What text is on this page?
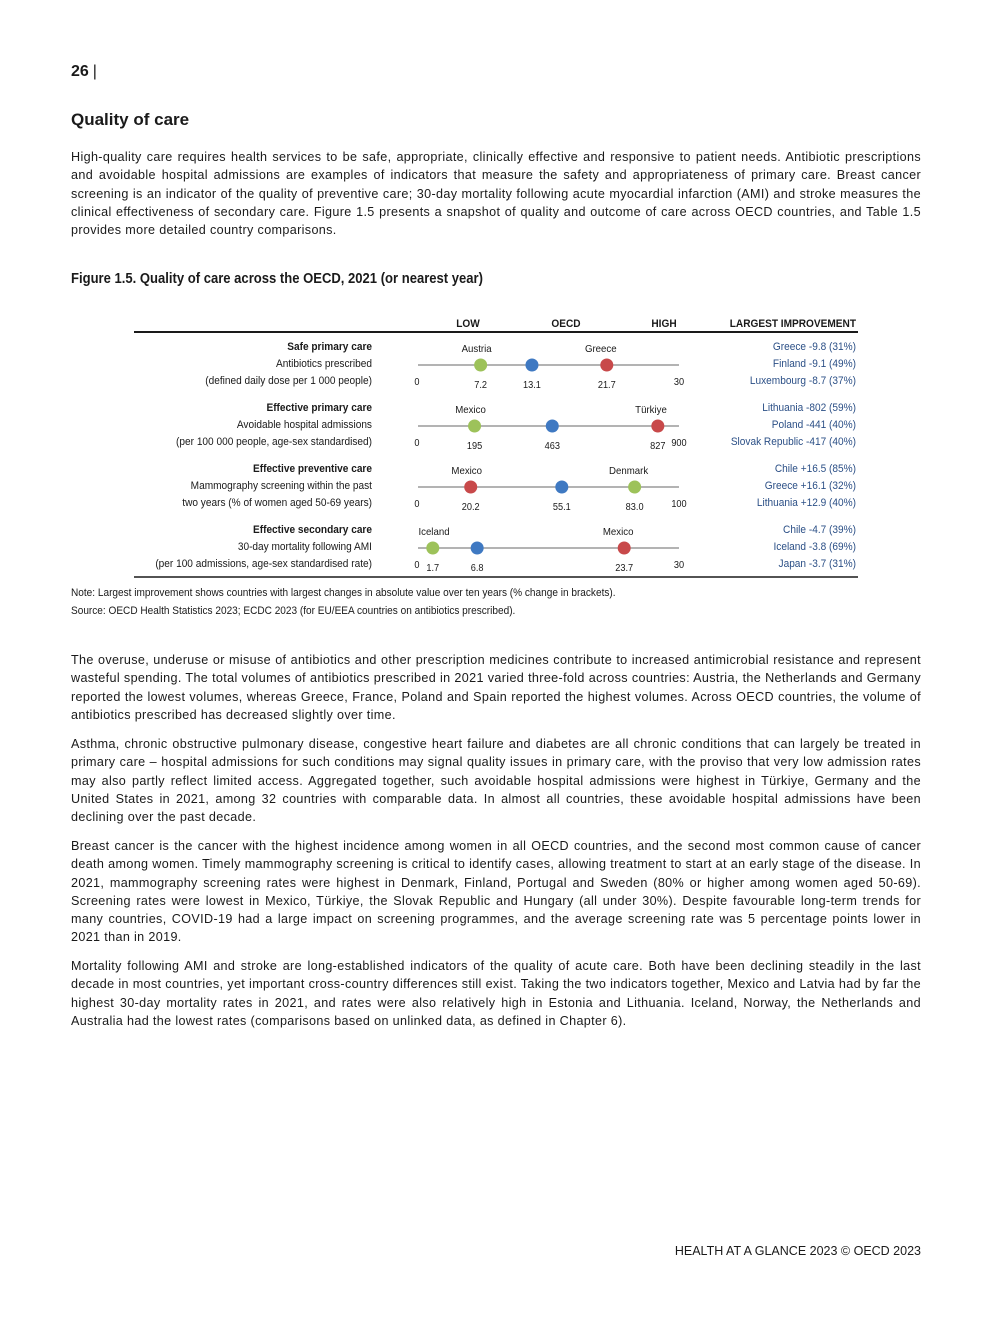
26 |
Quality of care

High-quality care requires health services to be safe, appropriate, clinically effective and responsive to patient needs. Antibiotic prescriptions and avoidable hospital admissions are examples of indicators that measure the safety and appropriateness of primary care. Breast cancer screening is an indicator of the quality of preventive care; 30-day mortality following acute myocardial infarction (AMI) and stroke measures the clinical effectiveness of secondary care. Figure 1.5 presents a snapshot of quality and outcome of care across OECD countries, and Table 1.5 provides more detailed country comparisons.

Figure 1.5. Quality of care across the OECD, 2021 (or nearest year)
LOW	OECD	HIGH	LARGEST IMPROVEMENT
Safe primary care
Antibiotics prescribed
(defined daily dose per 1 000 people)	0	30
Austria	Greece
7.2	13.1	21.7
Greece -9.8 (31%)
Finland -9.1 (49%)
Luxembourg -8.7 (37%)
Effective primary care
Avoidable hospital admissions
(per 100 000 people, age-sex standardised)	0	900
Mexico	Türkiye
195	463	827
Lithuania -802 (59%)
Poland -441 (40%)
Slovak Republic -417 (40%)
Effective preventive care
Mammography screening within the past
two years (% of women aged 50-69 years)	0	100
Mexico	Denmark
20.2	55.1	83.0
Chile +16.5 (85%)
Greece +16.1 (32%)
Lithuania +12.9 (40%)
Effective secondary care
30-day mortality following AMI
(per 100 admissions, age-sex standardised rate)	0	30
Iceland	Mexico
1.7	6.8	23.7
Chile -4.7 (39%)
Iceland -3.8 (69%)
Japan -3.7 (31%)
Note: Largest improvement shows countries with largest changes in absolute value over ten years (% change in brackets).
Source: OECD Health Statistics 2023; ECDC 2023 (for EU/EEA countries on antibiotics prescribed).

The overuse, underuse or misuse of antibiotics and other prescription medicines contribute to increased antimicrobial resistance and represent wasteful spending. The total volumes of antibiotics prescribed in 2021 varied three-fold across countries: Austria, the Netherlands and Germany reported the lowest volumes, whereas Greece, France, Poland and Spain reported the highest volumes. Across OECD countries, the volume of antibiotics prescribed has decreased slightly over time.

Asthma, chronic obstructive pulmonary disease, congestive heart failure and diabetes are all chronic conditions that can largely be treated in primary care – hospital admissions for such conditions may signal quality issues in primary care, with the proviso that very low admission rates may also partly reflect limited access. Aggregated together, such avoidable hospital admissions were highest in Türkiye, Germany and the United States in 2021, among 32 countries with comparable data. In almost all countries, these avoidable hospital admissions have been declining over the past decade.

Breast cancer is the cancer with the highest incidence among women in all OECD countries, and the second most common cause of cancer death among women. Timely mammography screening is critical to identify cases, allowing treatment to start at an early stage of the disease. In 2021, mammography screening rates were highest in Denmark, Finland, Portugal and Sweden (80% or higher among women aged 50-69). Screening rates were lowest in Mexico, Türkiye, the Slovak Republic and Hungary (all under 30%). Despite favourable long-term trends for many countries, COVID-19 had a large impact on screening programmes, and the average screening rate was 5 percentage points lower in 2021 than in 2019.

Mortality following AMI and stroke are long-established indicators of the quality of acute care. Both have been declining steadily in the last decade in most countries, yet important cross-country differences still exist. Taking the two indicators together, Mexico and Latvia had by far the highest 30-day mortality rates in 2021, and rates were also relatively high in Estonia and Lithuania. Iceland, Norway, the Netherlands and Australia had the lowest rates (comparisons based on unlinked data, as defined in Chapter 6).

HEALTH AT A GLANCE 2023 © OECD 2023
